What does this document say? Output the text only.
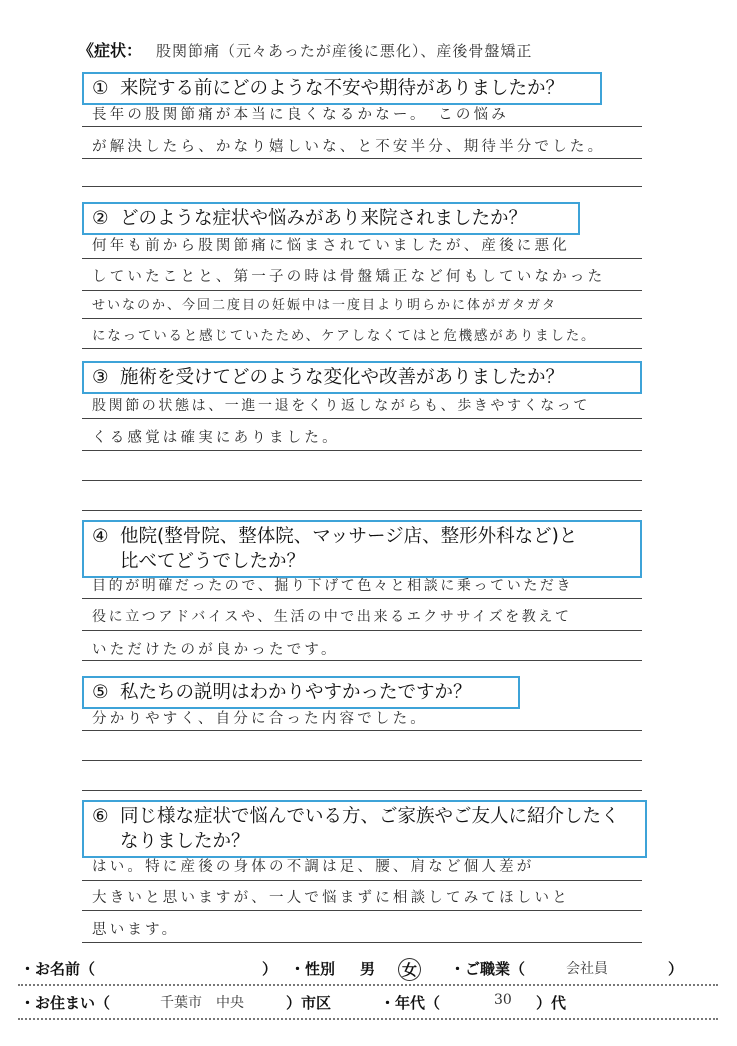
《症状： 股関節痛（元々あったが産後に悪化）、産後骨盤矯正
① 来院する前にどのような不安や期待がありましたか？
長年の股関節痛が本当に良くなるかなー。　この悩み
が解決したら、かなり嬉しいな、と不安半分、期待半分でした。
② どのような症状や悩みがあり来院されましたか？
何年も前から股関節痛に悩まされていましたが、産後に悪化
していたことと、第一子の時は骨盤矯正など何もしていなかった
せいなのか、今回二度目の妊娠中は一度目より明らかに体がガタガタ
になっていると感じていたため、ケアしなくてはと危機感がありました。
③ 施術を受けてどのような変化や改善がありましたか？
股関節の状態は、一進一退をくり返しながらも、歩きやすくなって
くる感覚は確実にありました。
④ 他院(整骨院、整体院、マッサージ店、整形外科など)と
比べてどうでしたか？
目的が明確だったので、掘り下げて色々と相談に乗っていただき
役に立つアドバイスや、生活の中で出来るエクササイズを教えて
いただけたのが良かったです。
⑤ 私たちの説明はわかりやすかったですか？
分かりやすく、自分に合った内容でした。
⑥ 同じ様な症状で悩んでいる方、ご家族やご友人に紹介したく
なりましたか？
はい。特に産後の身体の不調は足、腰、肩など個人差が
大きいと思いますが、一人で悩まずに相談してみてほしいと
思います。
・お名前（	） ・性別 男 女 ・ご職業（	会社員	）
・お住まい（	千葉市　中央	）市区	・年代（	30 ）代
